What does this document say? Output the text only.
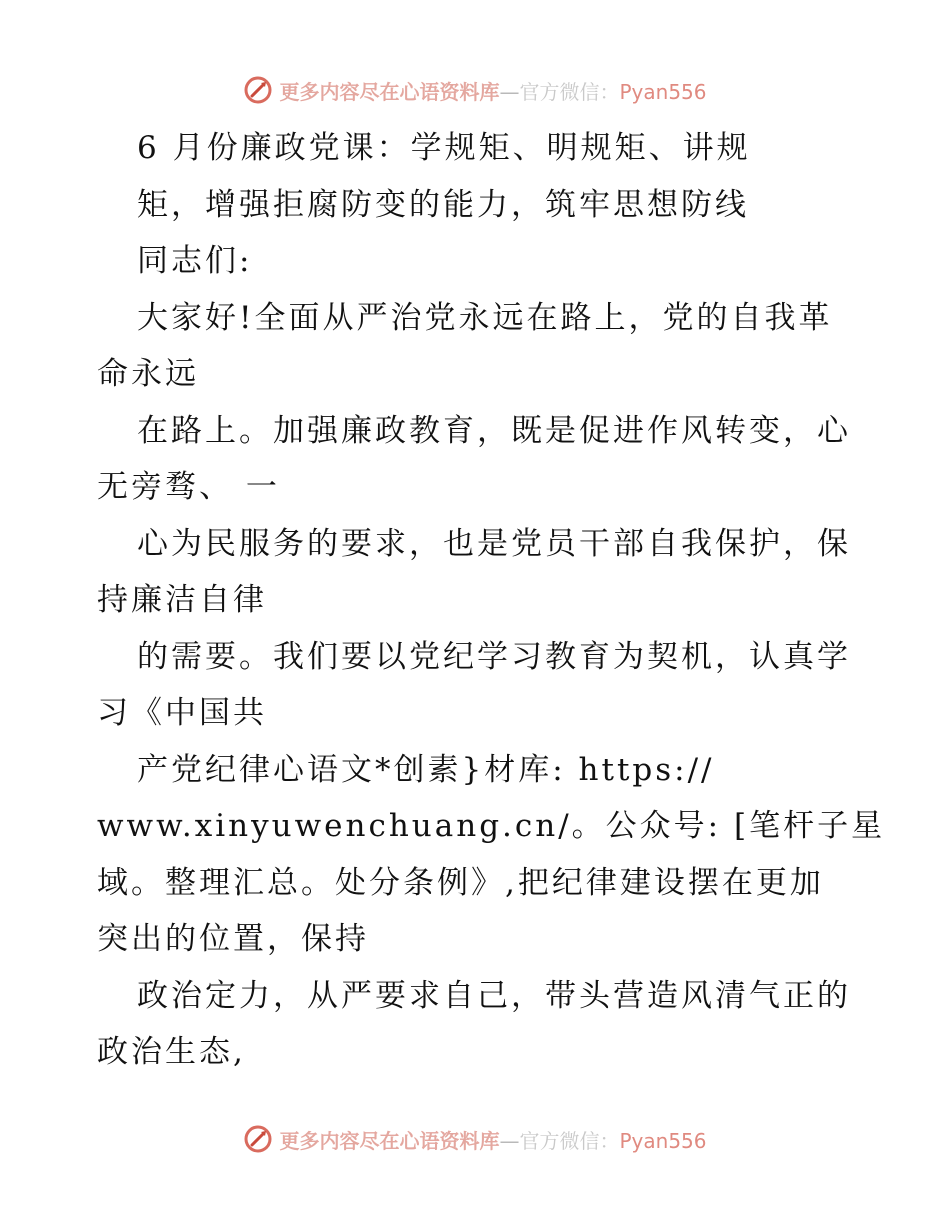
更多内容尽在心语资料库—官方微信：Pyan556
6 月份廉政党课：学规矩、明规矩、讲规
矩，增强拒腐防变的能力，筑牢思想防线
同志们:
大家好!全面从严治党永远在路上，党的自我革
命永远
在路上。加强廉政教育，既是促进作风转变，心
无旁骛、 一
心为民服务的要求，也是党员干部自我保护，保
持廉洁自律
的需要。我们要以党纪学习教育为契机，认真学
习《中国共
产党纪律心语文*创素}材库: https://
www.xinyuwenchuang.cn/。公众号: [笔杆子星
域。整理汇总。处分条例》,把纪律建设摆在更加
突出的位置，保持
政治定力，从严要求自己，带头营造风清气正的
政治生态,
更多内容尽在心语资料库—官方微信：Pyan556
